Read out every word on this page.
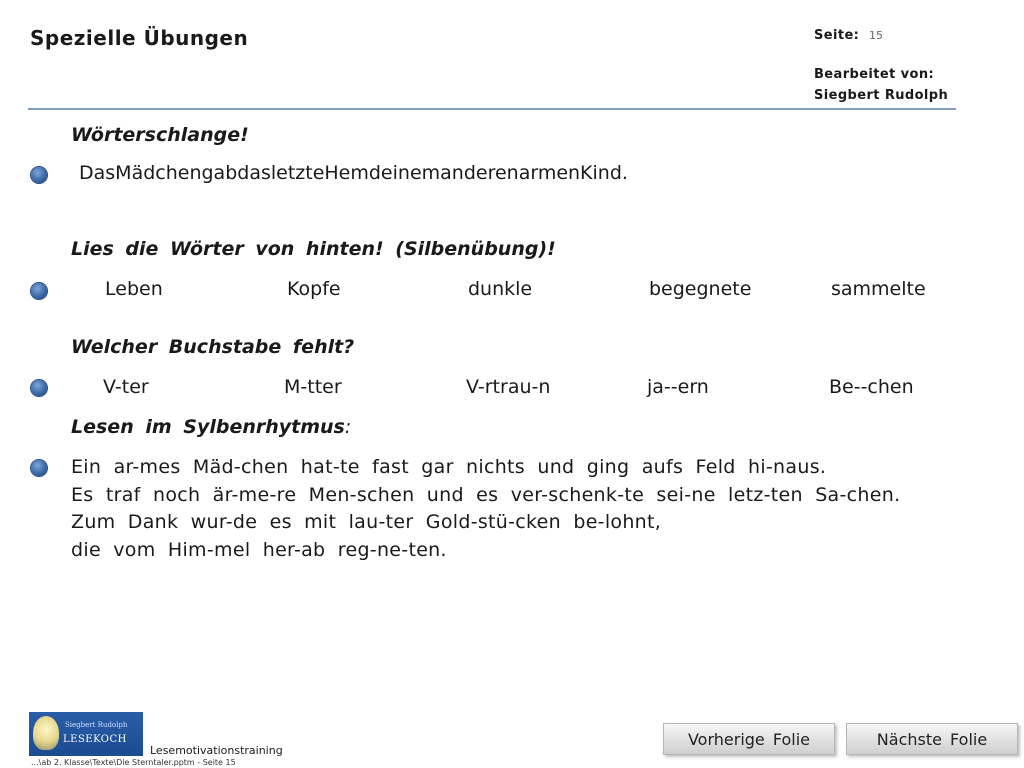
Spezielle Übungen	Seite: 15
Bearbeitet von:
Siegbert Rudolph
Wörterschlange!
DasMädchengabdasletzteHemdeinemanderenarmenKind.
Lies die Wörter von hinten! (Silbenübung)!
Leben	Kopfe	dunkle	begegnete	sammelte
Welcher Buchstabe fehlt?
V-ter	M-tter	V-rtrau-n	ja--ern	Be--chen
Lesen im Sylbenrhytmus:
Ein ar-mes Mäd-chen hat-te fast gar nichts und ging aufs Feld hi-naus.
Es traf noch är-me-re Men-schen und es ver-schenk-te sei-ne letz-ten Sa-chen.
Zum Dank wur-de es mit lau-ter Gold-stü-cken be-lohnt,
die vom Him-mel her-ab reg-ne-ten.
Siegbert Rudolph
LESEKOCH
Lesemotivationstraining
...\ab 2. Klasse\Texte\Die Sterntaler.pptm - Seite 15
Vorherige Folie	Nächste Folie
